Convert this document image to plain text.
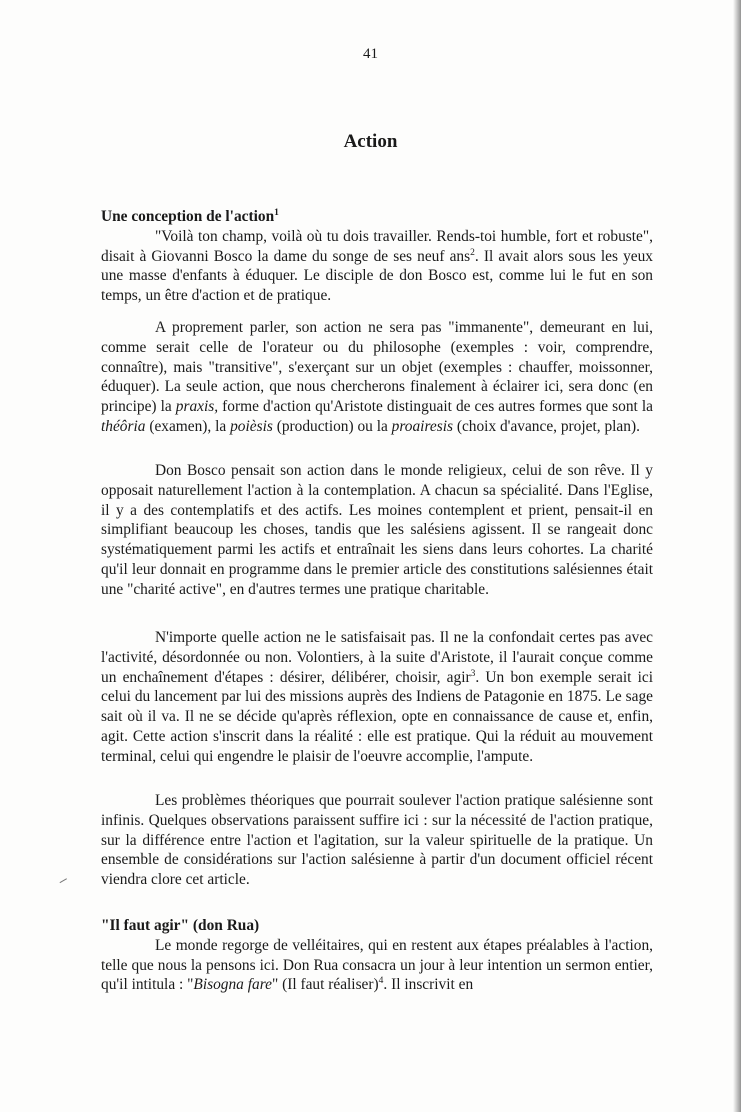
41
Action
Une conception de l'action$^1$

"Voilà ton champ, voilà où tu dois travailler. Rends-toi humble, fort et robuste", disait à Giovanni Bosco la dame du songe de ses neuf ans$^2$. Il avait alors sous les yeux une masse d'enfants à éduquer. Le disciple de don Bosco est, comme lui le fut en son temps, un être d'action et de pratique.

A proprement parler, son action ne sera pas "immanente", demeurant en lui, comme serait celle de l'orateur ou du philosophe (exemples : voir, comprendre, connaître), mais "transitive", s'exerçant sur un objet (exemples : chauffer, moissonner, éduquer). La seule action, que nous chercherons finalement à éclairer ici, sera donc (en principe) la praxis, forme d'action qu'Aristote distinguait de ces autres formes que sont la théôria (examen), la poièsis (production) ou la proairesis (choix d'avance, projet, plan).

Don Bosco pensait son action dans le monde religieux, celui de son rêve. Il y opposait naturellement l'action à la contemplation. A chacun sa spécialité. Dans l'Eglise, il y a des contemplatifs et des actifs. Les moines contemplent et prient, pensait-il en simplifiant beaucoup les choses, tandis que les salésiens agissent. Il se rangeait donc systématiquement parmi les actifs et entraînait les siens dans leurs cohortes. La charité qu'il leur donnait en programme dans le premier article des constitutions salésiennes était une "charité active", en d'autres termes une pratique charitable.

N'importe quelle action ne le satisfaisait pas. Il ne la confondait certes pas avec l'activité, désordonnée ou non. Volontiers, à la suite d'Aristote, il l'aurait conçue comme un enchaînement d'étapes : désirer, délibérer, choisir, agir$^3$. Un bon exemple serait ici celui du lancement par lui des missions auprès des Indiens de Patagonie en 1875. Le sage sait où il va. Il ne se décide qu'après réflexion, opte en connaissance de cause et, enfin, agit. Cette action s'inscrit dans la réalité : elle est pratique. Qui la réduit au mouvement terminal, celui qui engendre le plaisir de l'oeuvre accomplie, l'ampute.

Les problèmes théoriques que pourrait soulever l'action pratique salésienne sont infinis. Quelques observations paraissent suffire ici : sur la nécessité de l'action pratique, sur la différence entre l'action et l'agitation, sur la valeur spirituelle de la pratique. Un ensemble de considérations sur l'action salésienne à partir d'un document officiel récent viendra clore cet article.

"Il faut agir" (don Rua)

Le monde regorge de velléitaires, qui en restent aux étapes préalables à l'action, telle que nous la pensons ici. Don Rua consacra un jour à leur intention un sermon entier, qu'il intitula : "Bisogna fare" (Il faut réaliser)$^4$. Il inscrivit en
